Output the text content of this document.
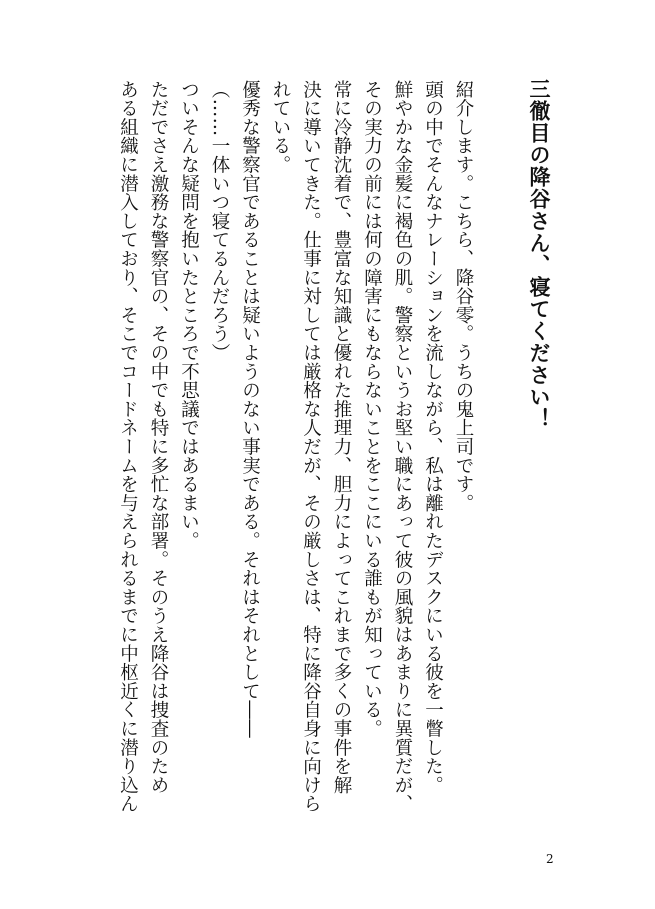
三徹目の降谷さん、寝てください！

紹介します。こちら、降谷零。うちの鬼上司です。

頭の中でそんなナレーションを流しながら、私は離れたデスクにいる彼を一瞥した。

鮮やかな金髪に褐色の肌。警察というお堅い職にあって彼の風貌はあまりに異質だが、

その実力の前には何の障害にもならないことをここにいる誰もが知っている。

常に冷静沈着で、豊富な知識と優れた推理力、胆力によってこれまで多くの事件を解

決に導いてきた。仕事に対しては厳格な人だが、その厳しさは、特に降谷自身に向けら

れている。

優秀な警察官であることは疑いようのない事実である。それはそれとして――

（……一体いつ寝てるんだろう）

ついそんな疑問を抱いたところで不思議ではあるまい。

ただでさえ激務な警察官の、その中でも特に多忙な部署。そのうえ降谷は捜査のため

ある組織に潜入しており、そこでコードネームを与えられるまでに中枢近くに潜り込ん

2
